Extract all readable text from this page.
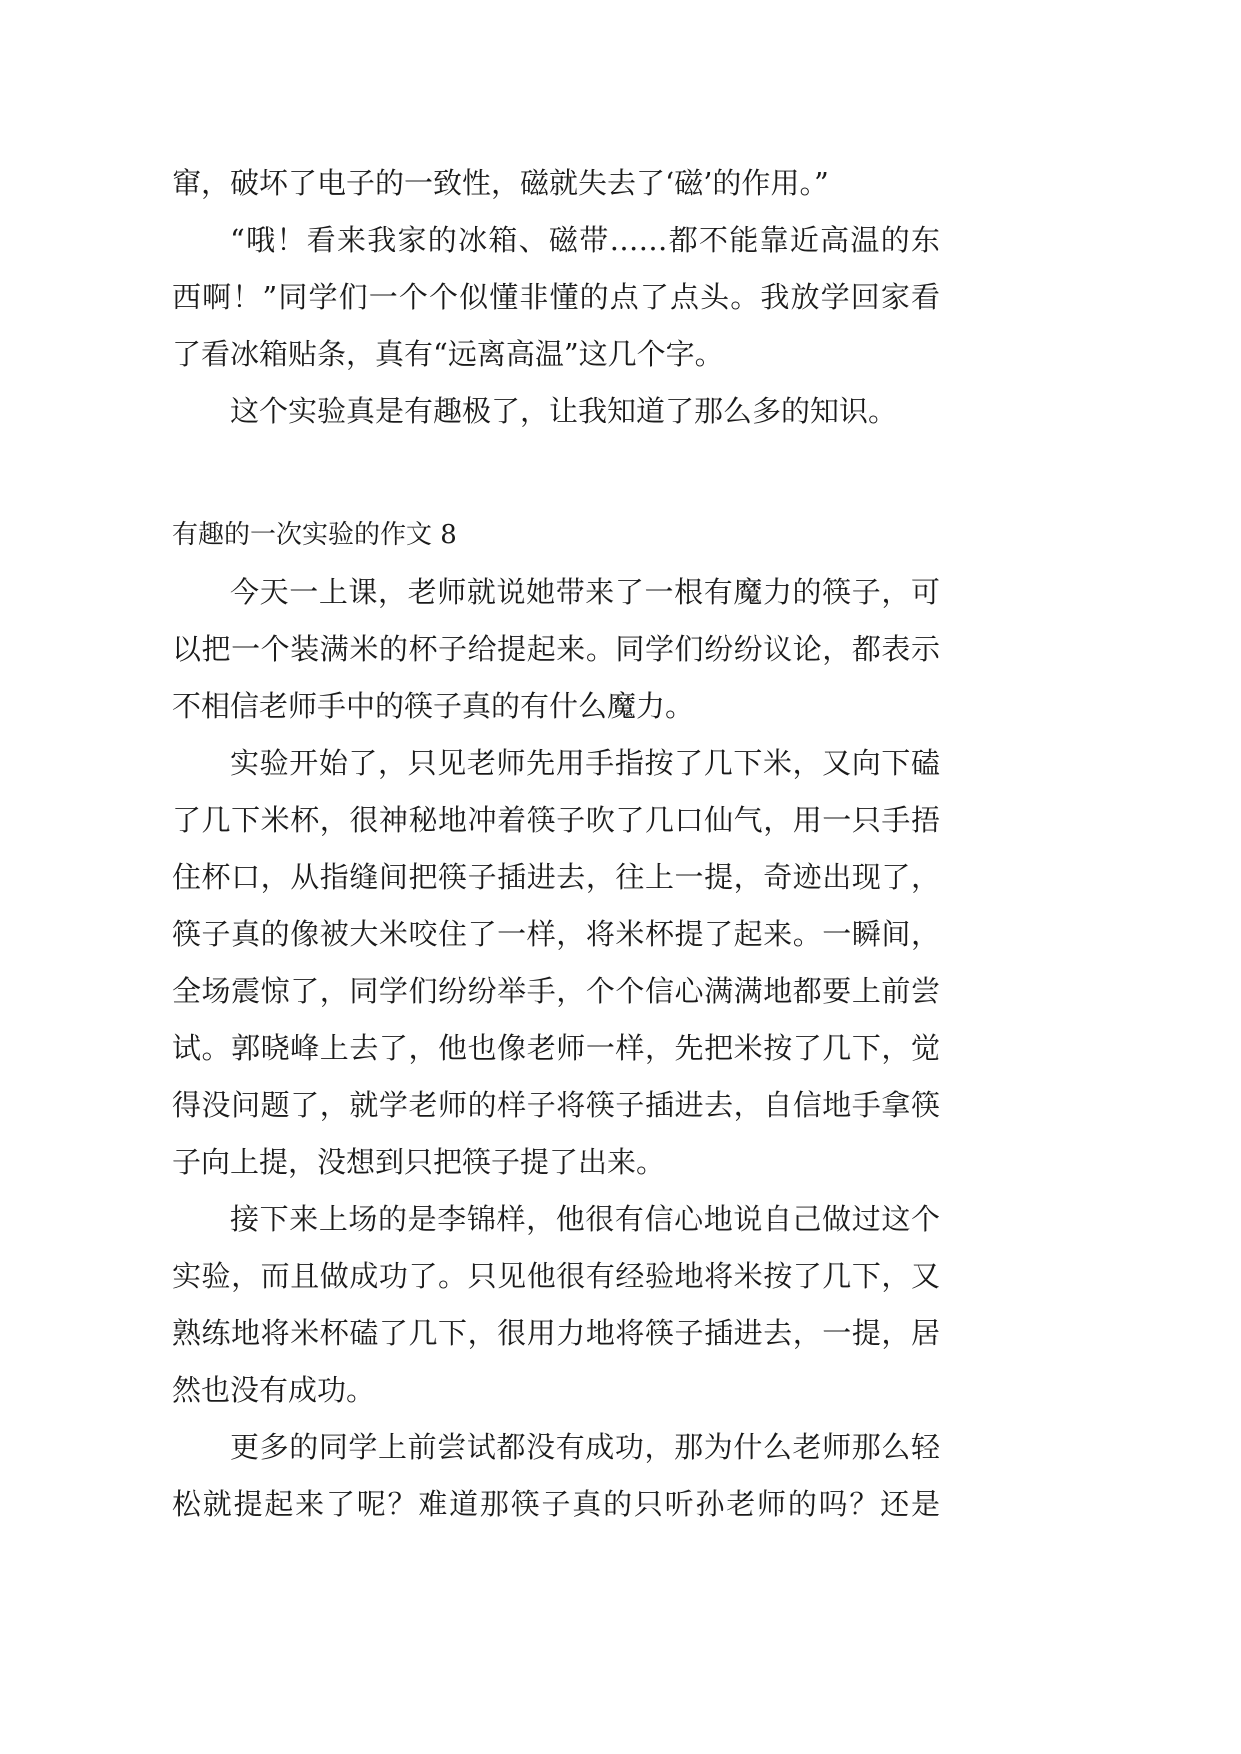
窜，破坏了电子的一致性，磁就失去了‘磁’的作用。”
“哦！看来我家的冰箱、磁带……都不能靠近高温的东
西啊！”同学们一个个似懂非懂的点了点头。我放学回家看
了看冰箱贴条，真有“远离高温”这几个字。
这个实验真是有趣极了，让我知道了那么多的知识。
有趣的一次实验的作文 8
今天一上课，老师就说她带来了一根有魔力的筷子，可
以把一个装满米的杯子给提起来。同学们纷纷议论，都表示
不相信老师手中的筷子真的有什么魔力。
实验开始了，只见老师先用手指按了几下米，又向下磕
了几下米杯，很神秘地冲着筷子吹了几口仙气，用一只手捂
住杯口，从指缝间把筷子插进去，往上一提，奇迹出现了，
筷子真的像被大米咬住了一样，将米杯提了起来。一瞬间，
全场震惊了，同学们纷纷举手，个个信心满满地都要上前尝
试。郭晓峰上去了，他也像老师一样，先把米按了几下，觉
得没问题了，就学老师的样子将筷子插进去，自信地手拿筷
子向上提，没想到只把筷子提了出来。
接下来上场的是李锦样，他很有信心地说自己做过这个
实验，而且做成功了。只见他很有经验地将米按了几下，又
熟练地将米杯磕了几下，很用力地将筷子插进去，一提，居
然也没有成功。
更多的同学上前尝试都没有成功，那为什么老师那么轻
松就提起来了呢？难道那筷子真的只听孙老师的吗？还是
